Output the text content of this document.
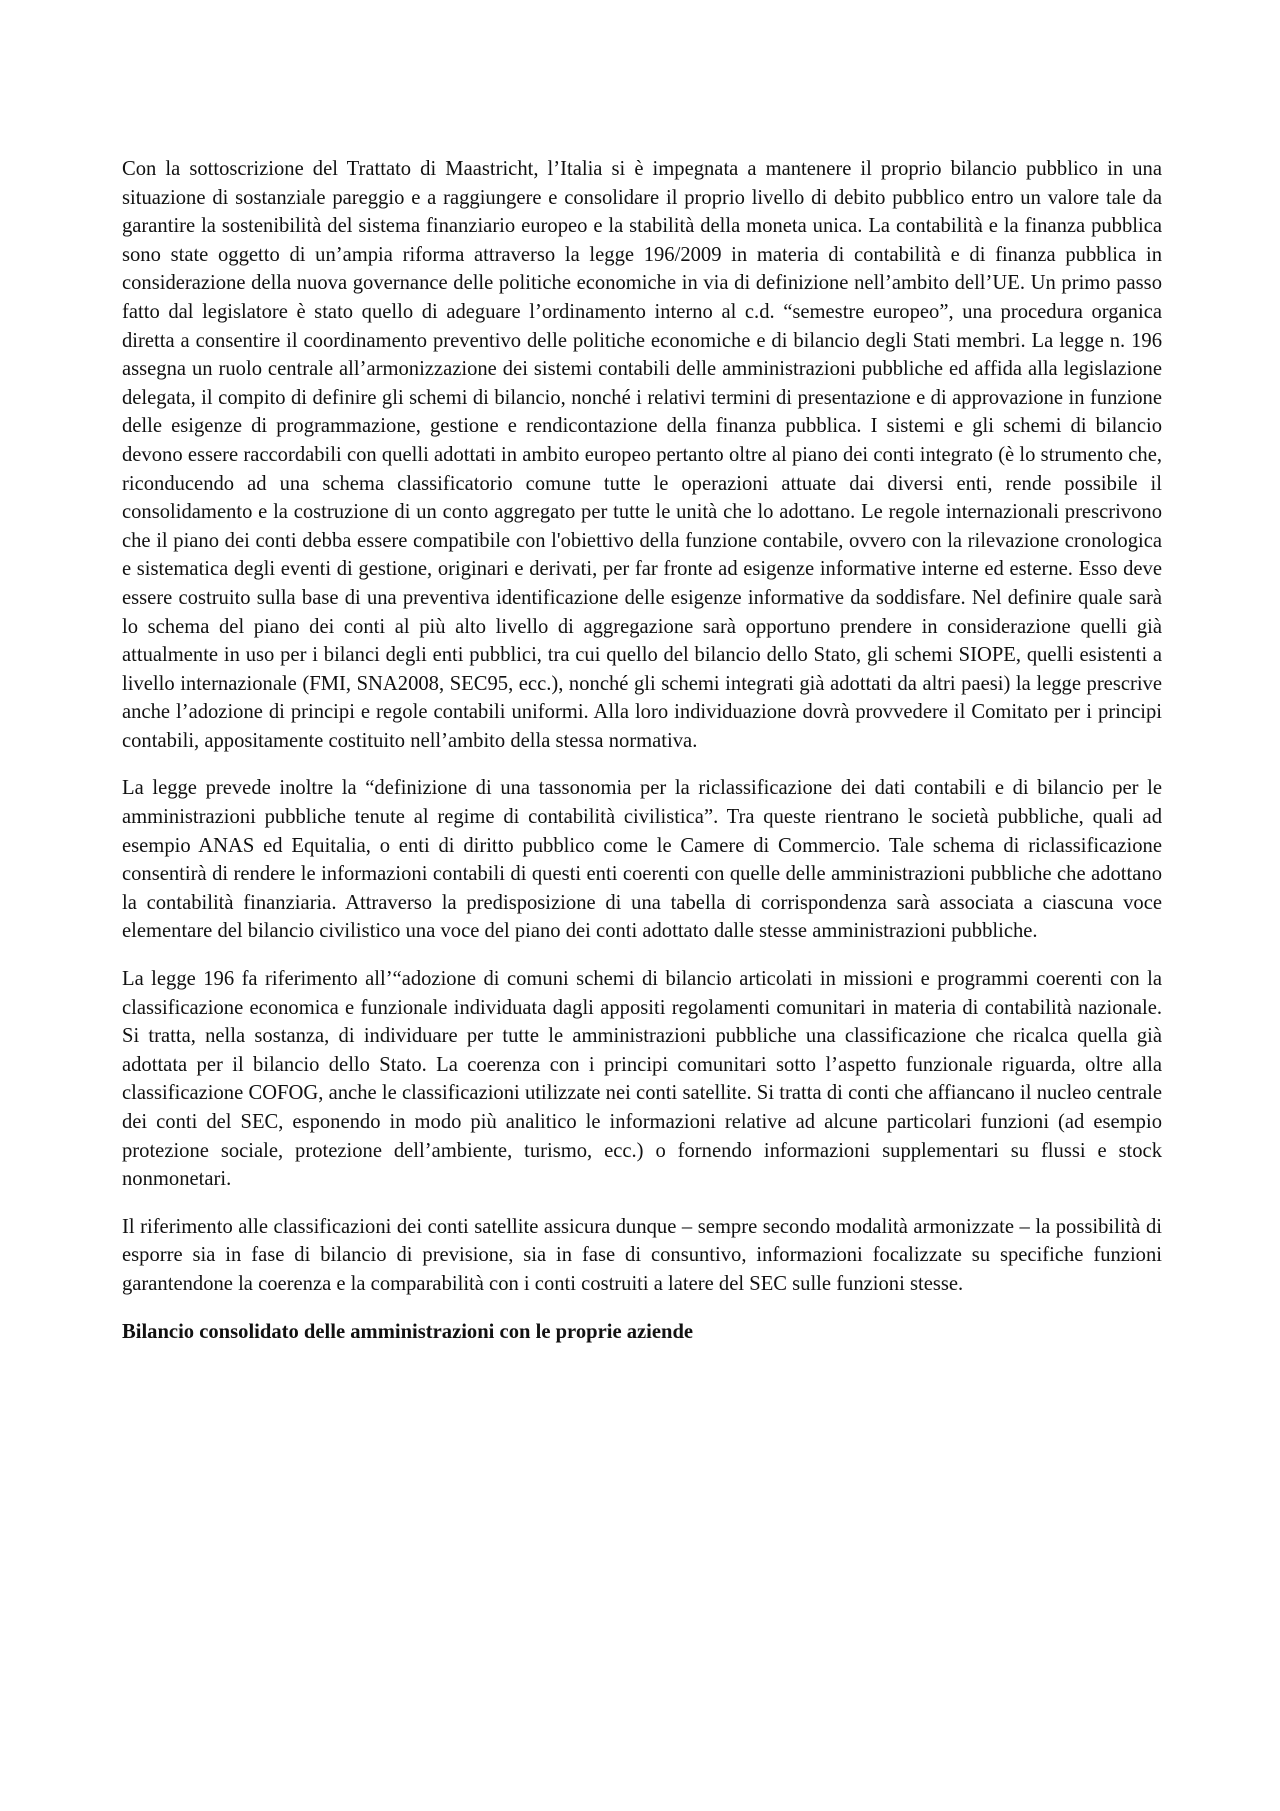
Con la sottoscrizione del Trattato di Maastricht, l’Italia si è impegnata a mantenere il proprio bilancio pubblico in una situazione di sostanziale pareggio e a raggiungere e consolidare il proprio livello di debito pubblico entro un valore tale da garantire la sostenibilità del sistema finanziario europeo e la stabilità della moneta unica. La contabilità e la finanza pubblica sono state oggetto di un’ampia riforma attraverso la legge 196/2009 in materia di contabilità e di finanza pubblica in considerazione della nuova governance delle politiche economiche in via di definizione nell’ambito dell’UE. Un primo passo fatto dal legislatore è stato quello di adeguare l’ordinamento interno al c.d. “semestre europeo”, una procedura organica diretta a consentire il coordinamento preventivo delle politiche economiche e di bilancio degli Stati membri. La legge n. 196 assegna un ruolo centrale all’armonizzazione dei sistemi contabili delle amministrazioni pubbliche ed affida alla legislazione delegata, il compito di definire gli schemi di bilancio, nonché i relativi termini di presentazione e di approvazione in funzione delle esigenze di programmazione, gestione e rendicontazione della finanza pubblica. I sistemi e gli schemi di bilancio devono essere raccordabili con quelli adottati in ambito europeo pertanto oltre al piano dei conti integrato (è lo strumento che, riconducendo ad una schema classificatorio comune tutte le operazioni attuate dai diversi enti, rende possibile il consolidamento e la costruzione di un conto aggregato per tutte le unità che lo adottano. Le regole internazionali prescrivono che il piano dei conti debba essere compatibile con l'obiettivo della funzione contabile, ovvero con la rilevazione cronologica e sistematica degli eventi di gestione, originari e derivati, per far fronte ad esigenze informative interne ed esterne. Esso deve essere costruito sulla base di una preventiva identificazione delle esigenze informative da soddisfare. Nel definire quale sarà lo schema del piano dei conti al più alto livello di aggregazione sarà opportuno prendere in considerazione quelli già attualmente in uso per i bilanci degli enti pubblici, tra cui quello del bilancio dello Stato, gli schemi SIOPE, quelli esistenti a livello internazionale (FMI, SNA2008, SEC95, ecc.), nonché gli schemi integrati già adottati da altri paesi) la legge prescrive anche l’adozione di principi e regole contabili uniformi. Alla loro individuazione dovrà provvedere il Comitato per i principi contabili, appositamente costituito nell’ambito della stessa normativa.

La legge prevede inoltre la “definizione di una tassonomia per la riclassificazione dei dati contabili e di bilancio per le amministrazioni pubbliche tenute al regime di contabilità civilistica”. Tra queste rientrano le società pubbliche, quali ad esempio ANAS ed Equitalia, o enti di diritto pubblico come le Camere di Commercio. Tale schema di riclassificazione consentirà di rendere le informazioni contabili di questi enti coerenti con quelle delle amministrazioni pubbliche che adottano la contabilità finanziaria. Attraverso la predisposizione di una tabella di corrispondenza sarà associata a ciascuna voce elementare del bilancio civilistico una voce del piano dei conti adottato dalle stesse amministrazioni pubbliche.

La legge 196 fa riferimento all’“adozione di comuni schemi di bilancio articolati in missioni e programmi coerenti con la classificazione economica e funzionale individuata dagli appositi regolamenti comunitari in materia di contabilità nazionale. Si tratta, nella sostanza, di individuare per tutte le amministrazioni pubbliche una classificazione che ricalca quella già adottata per il bilancio dello Stato. La coerenza con i principi comunitari sotto l’aspetto funzionale riguarda, oltre alla classificazione COFOG, anche le classificazioni utilizzate nei conti satellite. Si tratta di conti che affiancano il nucleo centrale dei conti del SEC, esponendo in modo più analitico le informazioni relative ad alcune particolari funzioni (ad esempio protezione sociale, protezione dell’ambiente, turismo, ecc.) o fornendo informazioni supplementari su flussi e stock nonmonetari.

Il riferimento alle classificazioni dei conti satellite assicura dunque – sempre secondo modalità armonizzate – la possibilità di esporre sia in fase di bilancio di previsione, sia in fase di consuntivo, informazioni focalizzate su specifiche funzioni garantendone la coerenza e la comparabilità con i conti costruiti a latere del SEC sulle funzioni stesse.

Bilancio consolidato delle amministrazioni con le proprie aziende
